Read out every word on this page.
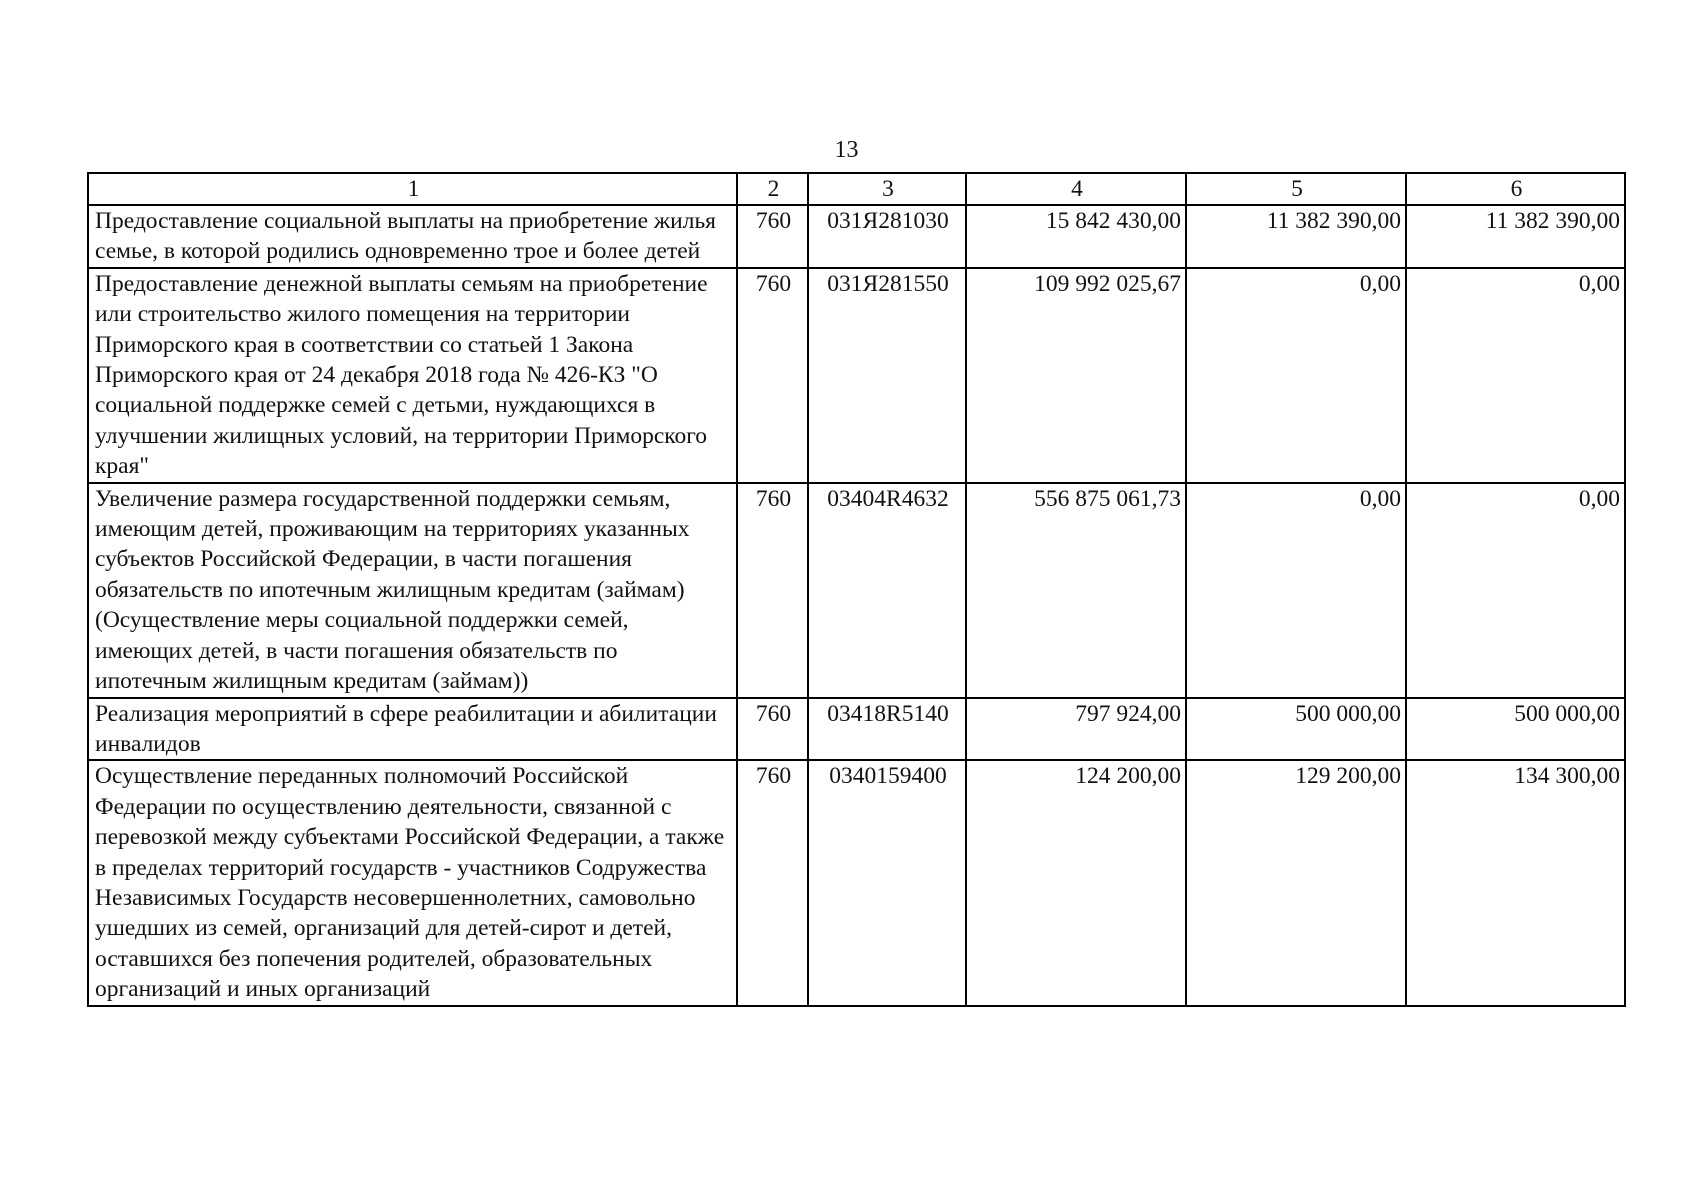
13
1	2	3	4	5	6
Предоставление социальной выплаты на приобретение жилья семье, в которой родились одновременно трое и более детей	760	031Я281030	15 842 430,00	11 382 390,00	11 382 390,00
Предоставление денежной выплаты семьям на приобретение или строительство жилого помещения на территории Приморского края в соответствии со статьей 1 Закона Приморского края от 24 декабря 2018 года № 426-КЗ "О социальной поддержке семей с детьми, нуждающихся в улучшении жилищных условий, на территории Приморского края"	760	031Я281550	109 992 025,67	0,00	0,00
Увеличение размера государственной поддержки семьям, имеющим детей, проживающим на территориях указанных субъектов Российской Федерации, в части погашения обязательств по ипотечным жилищным кредитам (займам) (Осуществление меры социальной поддержки семей, имеющих детей, в части погашения обязательств по ипотечным жилищным кредитам (займам))	760	03404R4632	556 875 061,73	0,00	0,00
Реализация мероприятий в сфере реабилитации и абилитации инвалидов	760	03418R5140	797 924,00	500 000,00	500 000,00
Осуществление переданных полномочий Российской Федерации по осуществлению деятельности, связанной с перевозкой между субъектами Российской Федерации, а также в пределах территорий государств - участников Содружества Независимых Государств несовершеннолетних, самовольно ушедших из семей, организаций для детей-сирот и детей, оставшихся без попечения родителей, образовательных организаций и иных организаций	760	0340159400	124 200,00	129 200,00	134 300,00
